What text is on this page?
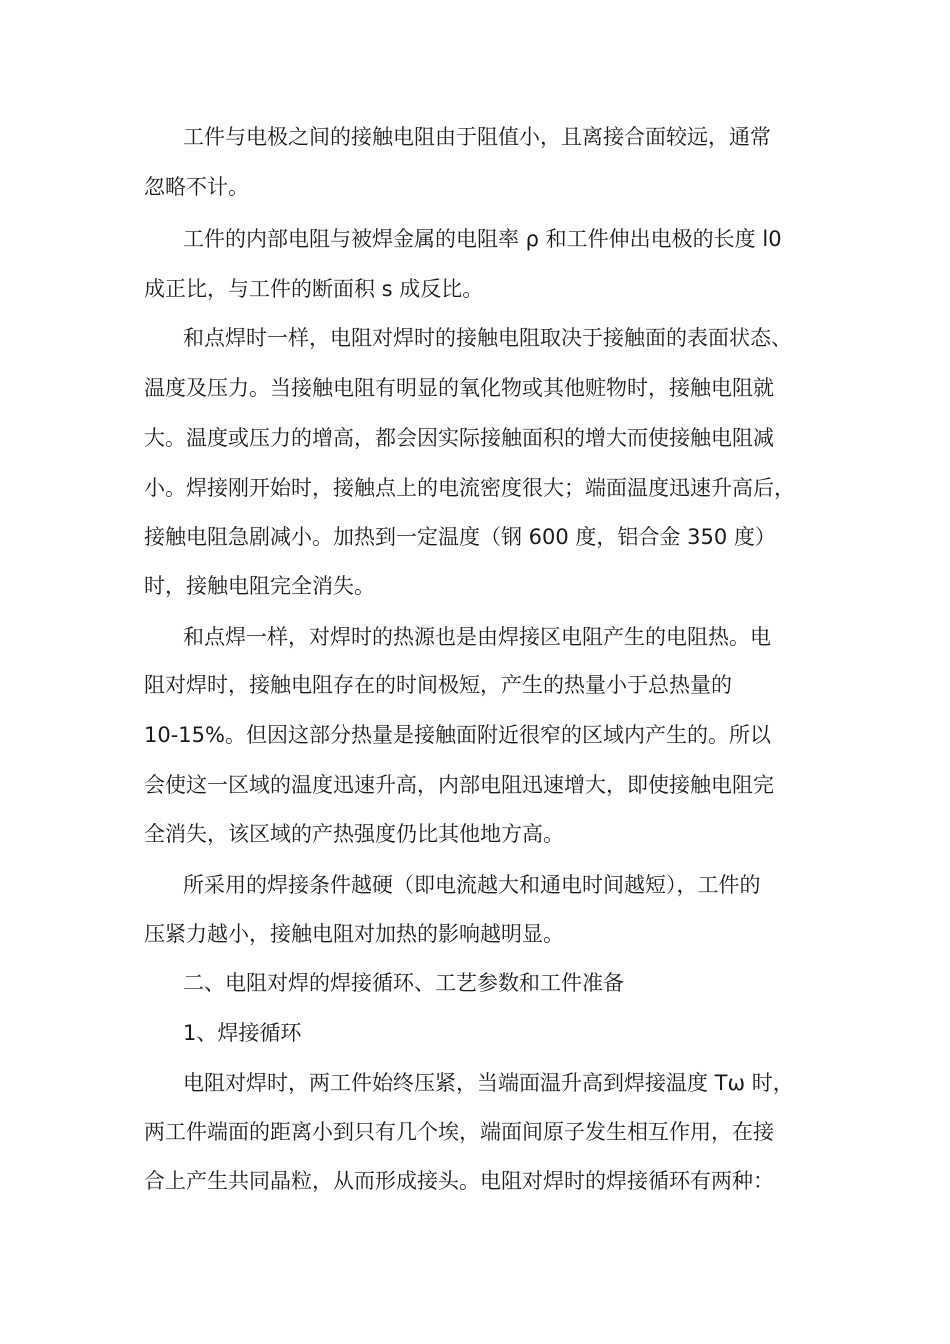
工件与电极之间的接触电阻由于阻值小，且离接合面较远，通常
忽略不计。
工件的内部电阻与被焊金属的电阻率 ρ 和工件伸出电极的长度 l0
成正比，与工件的断面积 s 成反比。
和点焊时一样，电阻对焊时的接触电阻取决于接触面的表面状态、
温度及压力。当接触电阻有明显的氧化物或其他赃物时，接触电阻就
大。温度或压力的增高，都会因实际接触面积的增大而使接触电阻减
小。焊接刚开始时，接触点上的电流密度很大；端面温度迅速升高后，
接触电阻急剧减小。加热到一定温度（钢 600 度，铝合金 350 度）
时，接触电阻完全消失。
和点焊一样，对焊时的热源也是由焊接区电阻产生的电阻热。电
阻对焊时，接触电阻存在的时间极短，产生的热量小于总热量的
10-15%。但因这部分热量是接触面附近很窄的区域内产生的。所以
会使这一区域的温度迅速升高，内部电阻迅速增大，即使接触电阻完
全消失，该区域的产热强度仍比其他地方高。
所采用的焊接条件越硬（即电流越大和通电时间越短），工件的
压紧力越小，接触电阻对加热的影响越明显。
二、电阻对焊的焊接循环、工艺参数和工件准备
1、焊接循环
电阻对焊时，两工件始终压紧，当端面温升高到焊接温度 Tω 时，
两工件端面的距离小到只有几个埃，端面间原子发生相互作用，在接
合上产生共同晶粒，从而形成接头。电阻对焊时的焊接循环有两种：
